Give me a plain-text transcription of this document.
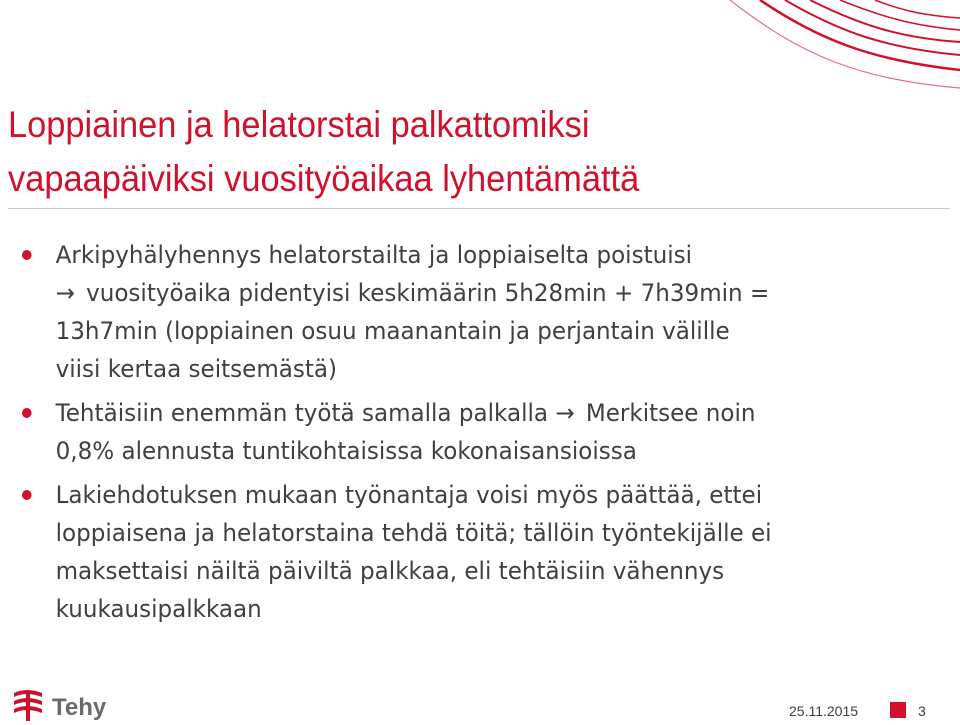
Loppiainen ja helatorstai palkattomiksi
vapaapäiviksi vuosityöaikaa lyhentämättä
Arkipyhälyhennys helatorstailta ja loppiaiselta poistuisi
→ vuosityöaika pidentyisi keskimäärin 5h28min + 7h39min =
13h7min (loppiainen osuu maanantain ja perjantain välille
viisi kertaa seitsemästä)
Tehtäisiin enemmän työtä samalla palkalla → Merkitsee noin
0,8% alennusta tuntikohtaisissa kokonaisansioissa
Lakiehdotuksen mukaan työnantaja voisi myös päättää, ettei
loppiaisena ja helatorstaina tehdä töitä; tällöin työntekijälle ei
maksettaisi näiltä päiviltä palkkaa, eli tehtäisiin vähennys
kuukausipalkkaan
Tehy	25.11.2015	3
